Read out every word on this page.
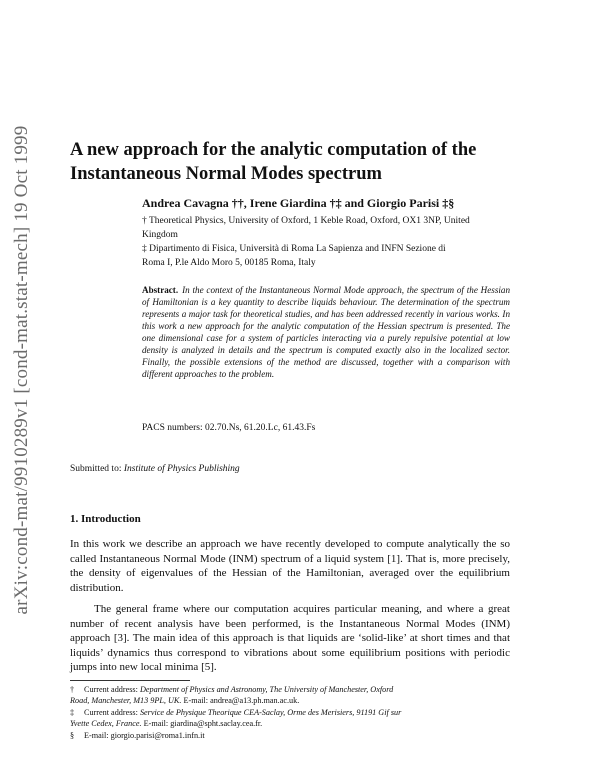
arXiv:cond-mat/9910289v1 [cond-mat.stat-mech] 19 Oct 1999 A new approach for the analytic computation of the
Instantaneous Normal Modes spectrum
Andrea Cavagna ††, Irene Giardina †‡ and Giorgio Parisi ‡§
† Theoretical Physics, University of Oxford, 1 Keble Road, Oxford, OX1 3NP, United
Kingdom
‡ Dipartimento di Fisica, Università di Roma La Sapienza and INFN Sezione di
Roma I, P.le Aldo Moro 5, 00185 Roma, Italy
Abstract. In the context of the Instantaneous Normal Mode approach, the spectrum of the Hessian of Hamiltonian is a key quantity to describe liquids behaviour. The determination of the spectrum represents a major task for theoretical studies, and has been addressed recently in various works. In this work a new approach for the analytic computation of the Hessian spectrum is presented. The one dimensional case for a system of particles interacting via a purely repulsive potential at low density is analyzed in details and the spectrum is computed exactly also in the localized sector. Finally, the possible extensions of the method are discussed, together with a comparison with different approaches to the problem.
PACS numbers: 02.70.Ns, 61.20.Lc, 61.43.Fs
Submitted to: Institute of Physics Publishing
1. Introduction

In this work we describe an approach we have recently developed to compute analytically the so called Instantaneous Normal Mode (INM) spectrum of a liquid system [1]. That is, more precisely, the density of eigenvalues of the Hessian of the Hamiltonian, averaged over the equilibrium distribution.

The general frame where our computation acquires particular meaning, and where a great number of recent analysis have been performed, is the Instantaneous Normal Modes (INM) approach [3]. The main idea of this approach is that liquids are ‘solid-like’ at short times and that liquids’ dynamics thus correspond to vibrations about some equilibrium positions with periodic jumps into new local minima [5].

† Current address: Department of Physics and Astronomy, The University of Manchester, Oxford
Road, Manchester, M13 9PL, UK. E-mail: andrea@a13.ph.man.ac.uk.
‡ Current address: Service de Physique Theorique CEA-Saclay, Orme des Merisiers, 91191 Gif sur
Yvette Cedex, France. E-mail: giardina@spht.saclay.cea.fr.
§ E-mail: giorgio.parisi@roma1.infn.it
